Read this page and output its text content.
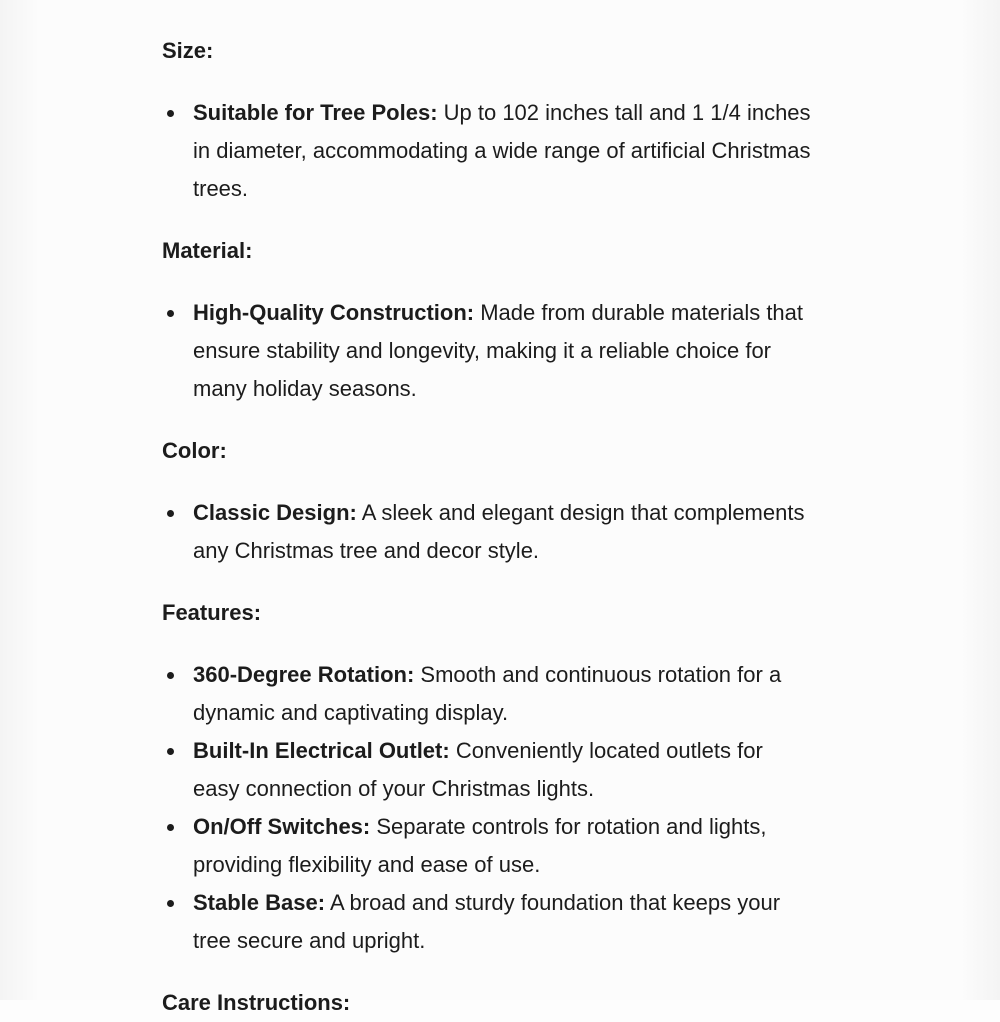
Size:
Suitable for Tree Poles: Up to 102 inches tall and 1 1/4 inches in diameter, accommodating a wide range of artificial Christmas trees.
Material:
High-Quality Construction: Made from durable materials that ensure stability and longevity, making it a reliable choice for many holiday seasons.
Color:
Classic Design: A sleek and elegant design that complements any Christmas tree and decor style.
Features:
360-Degree Rotation: Smooth and continuous rotation for a dynamic and captivating display.
Built-In Electrical Outlet: Conveniently located outlets for easy connection of your Christmas lights.
On/Off Switches: Separate controls for rotation and lights, providing flexibility and ease of use.
Stable Base: A broad and sturdy foundation that keeps your tree secure and upright.
Care Instructions:
